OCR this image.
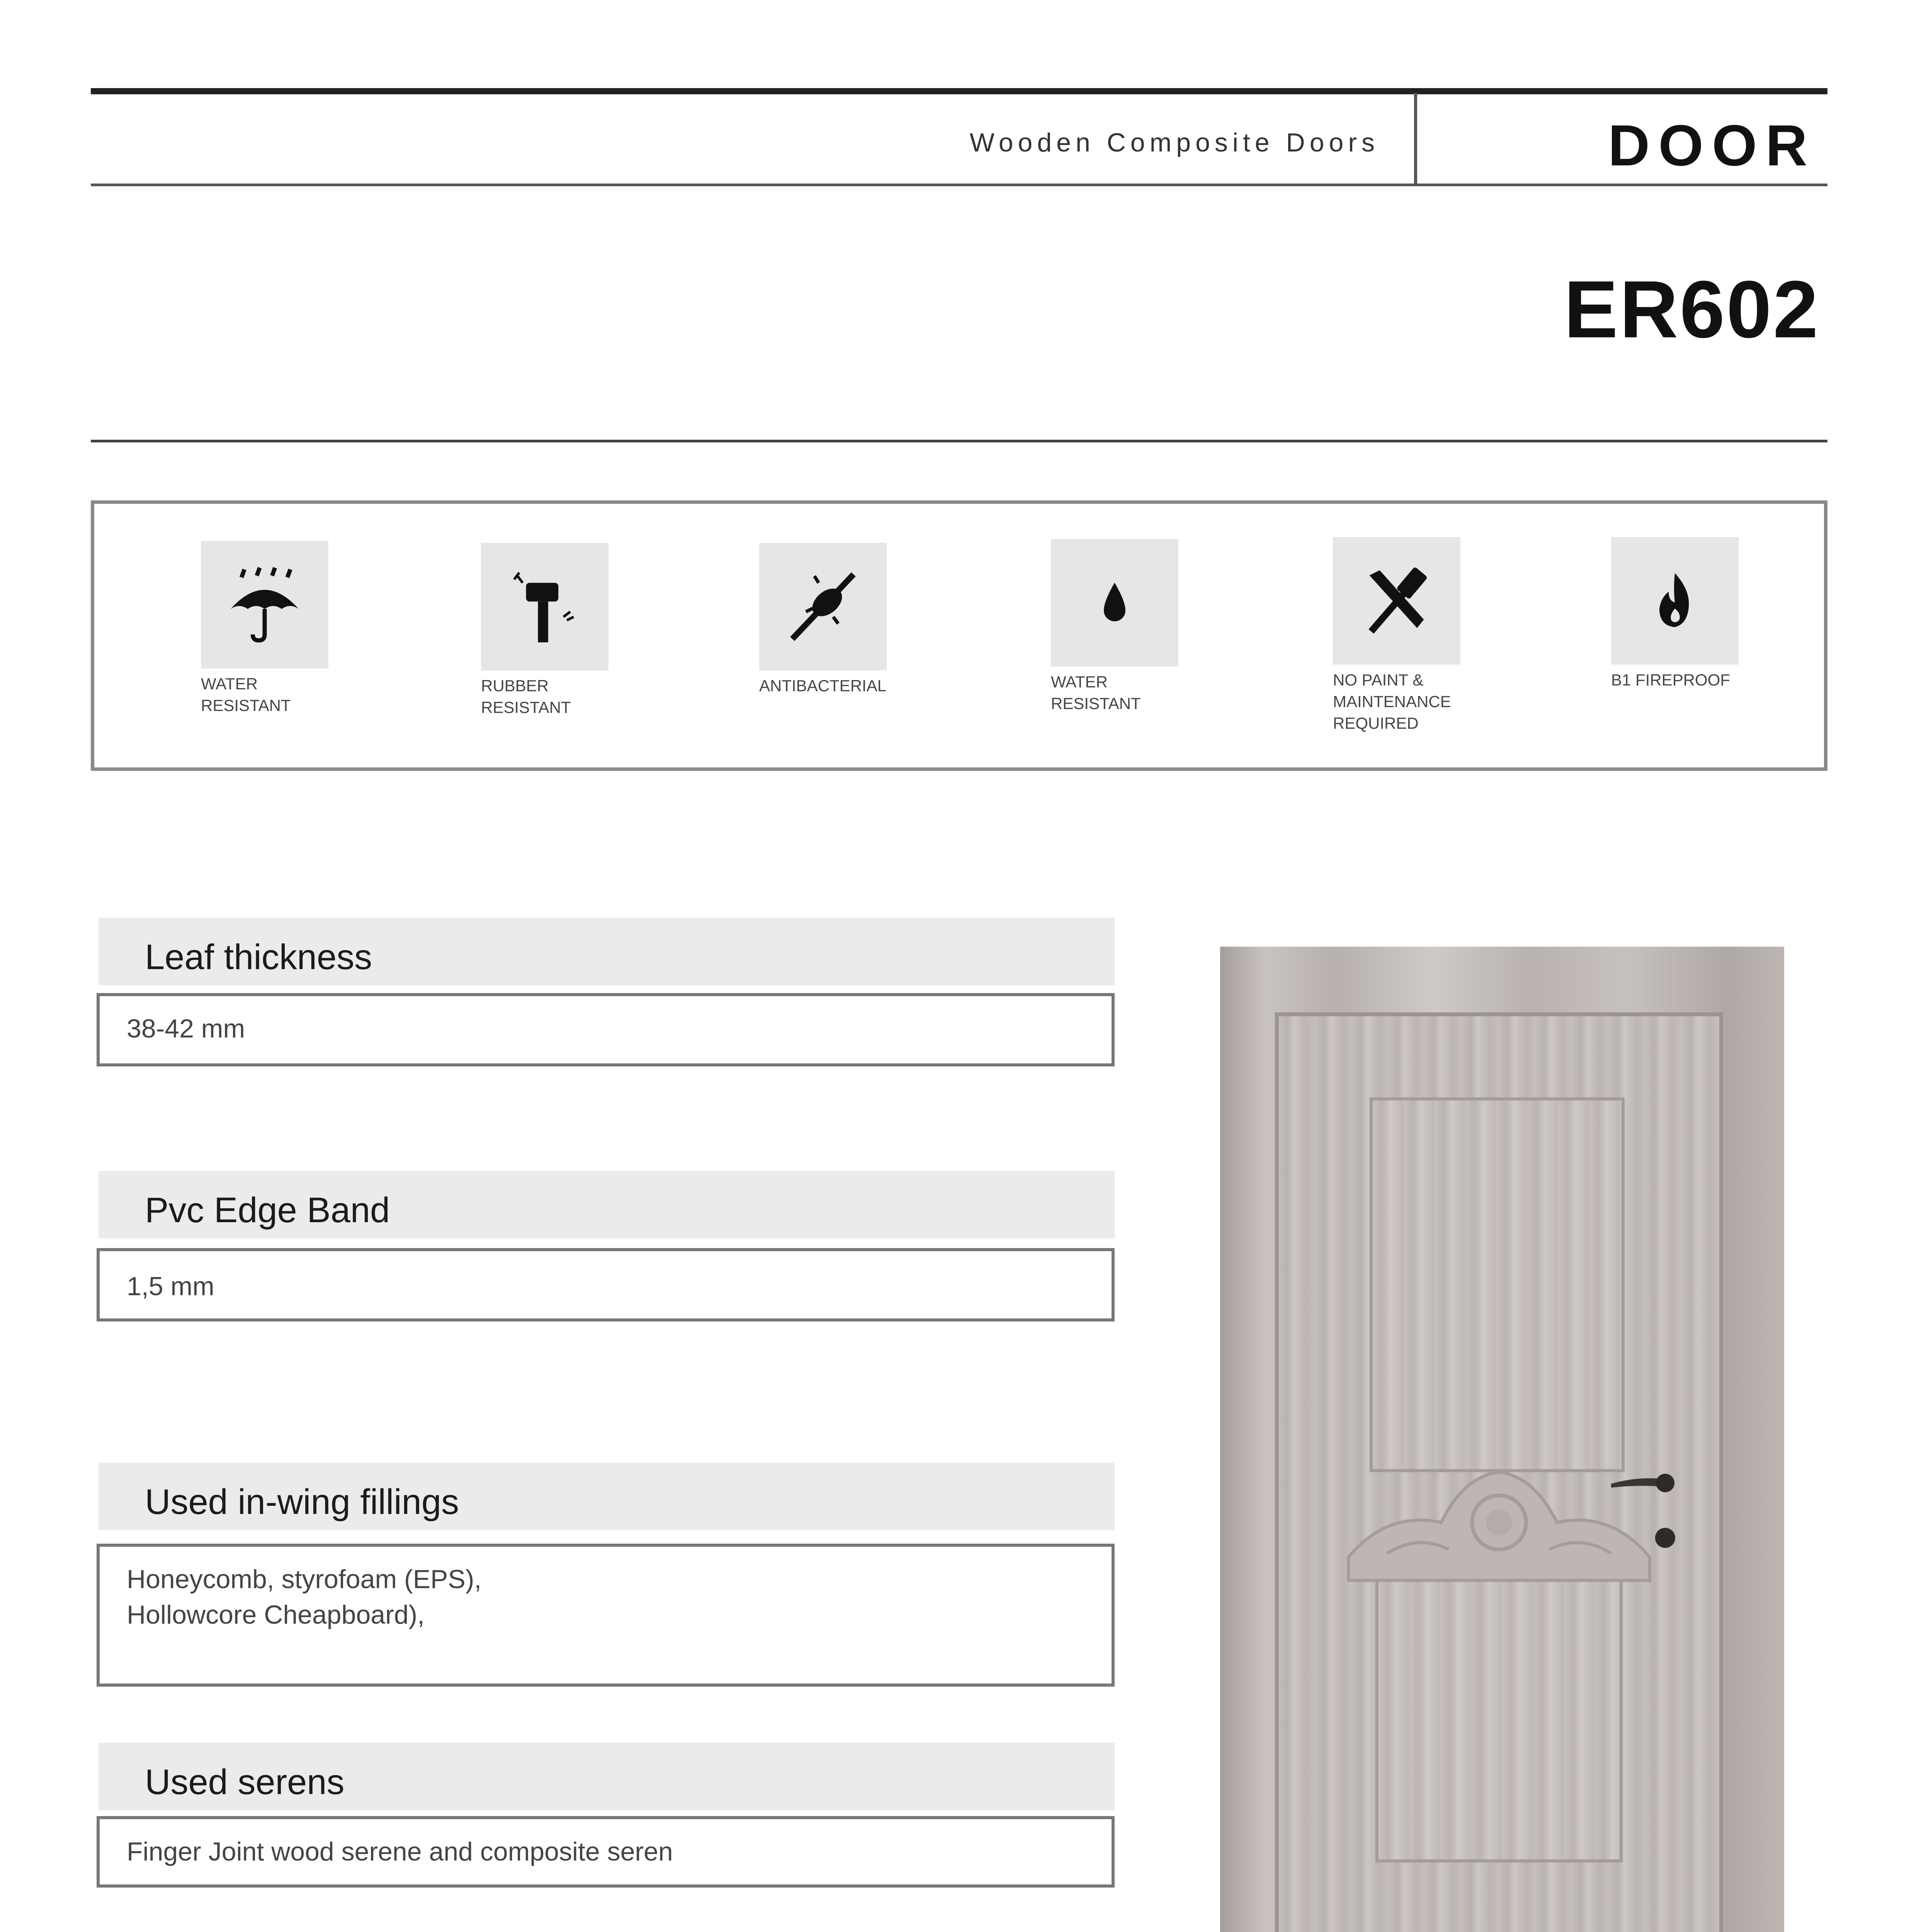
Wooden Composite Doors	DOOR
ER602
WATER
RESISTANT
RUBBER
RESISTANT
ANTIBACTERIAL	WATER
RESISTANT
NO PAINT &
MAINTENANCE
REQUIRED
B1 FIREPROOF
Leaf thickness
38-42 mm
Pvc Edge Band
1,5 mm
Used in-wing fillings
Honeycomb, styrofoam (EPS),
Hollowcore Cheapboard),
Used serens
Finger Joint wood serene and composite seren
